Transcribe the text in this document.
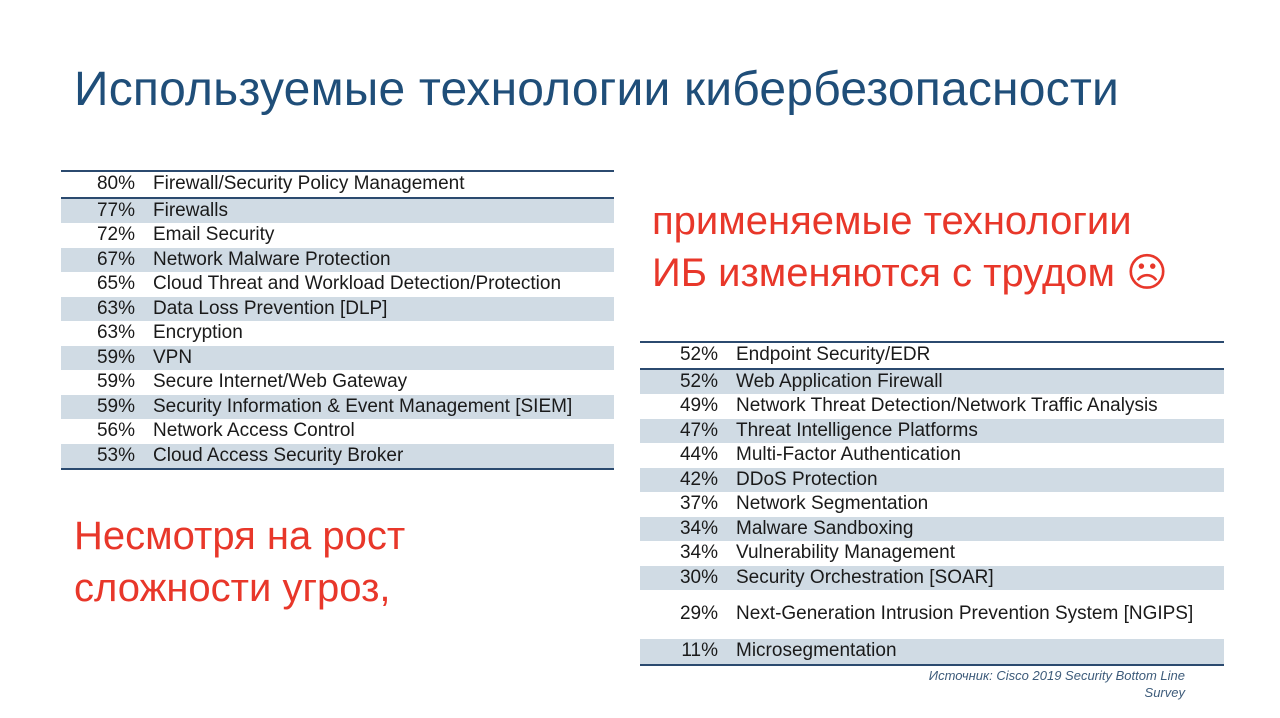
Используемые технологии кибербезопасности
80%	Firewall/Security Policy Management
77%	Firewalls
72%	Email Security
67%	Network Malware Protection
65%	Cloud Threat and Workload Detection/Protection
63%	Data Loss Prevention [DLP]
63%	Encryption
59%	VPN
59%	Secure Internet/Web Gateway
59%	Security Information & Event Management [SIEM]
56%	Network Access Control
53%	Cloud Access Security Broker
применяемые технологии
ИБ изменяются с трудом ☹
52%	Endpoint Security/EDR
52%	Web Application Firewall
49%	Network Threat Detection/Network Traffic Analysis
47%	Threat Intelligence Platforms
44%	Multi-Factor Authentication
42%	DDoS Protection
37%	Network Segmentation
34%	Malware Sandboxing
34%	Vulnerability Management
30%	Security Orchestration [SOAR]
29%	Next-Generation Intrusion Prevention System [NGIPS]
11%	Microsegmentation
Несмотря на рост
сложности угроз,
Источник: Cisco 2019 Security Bottom Line
Survey
